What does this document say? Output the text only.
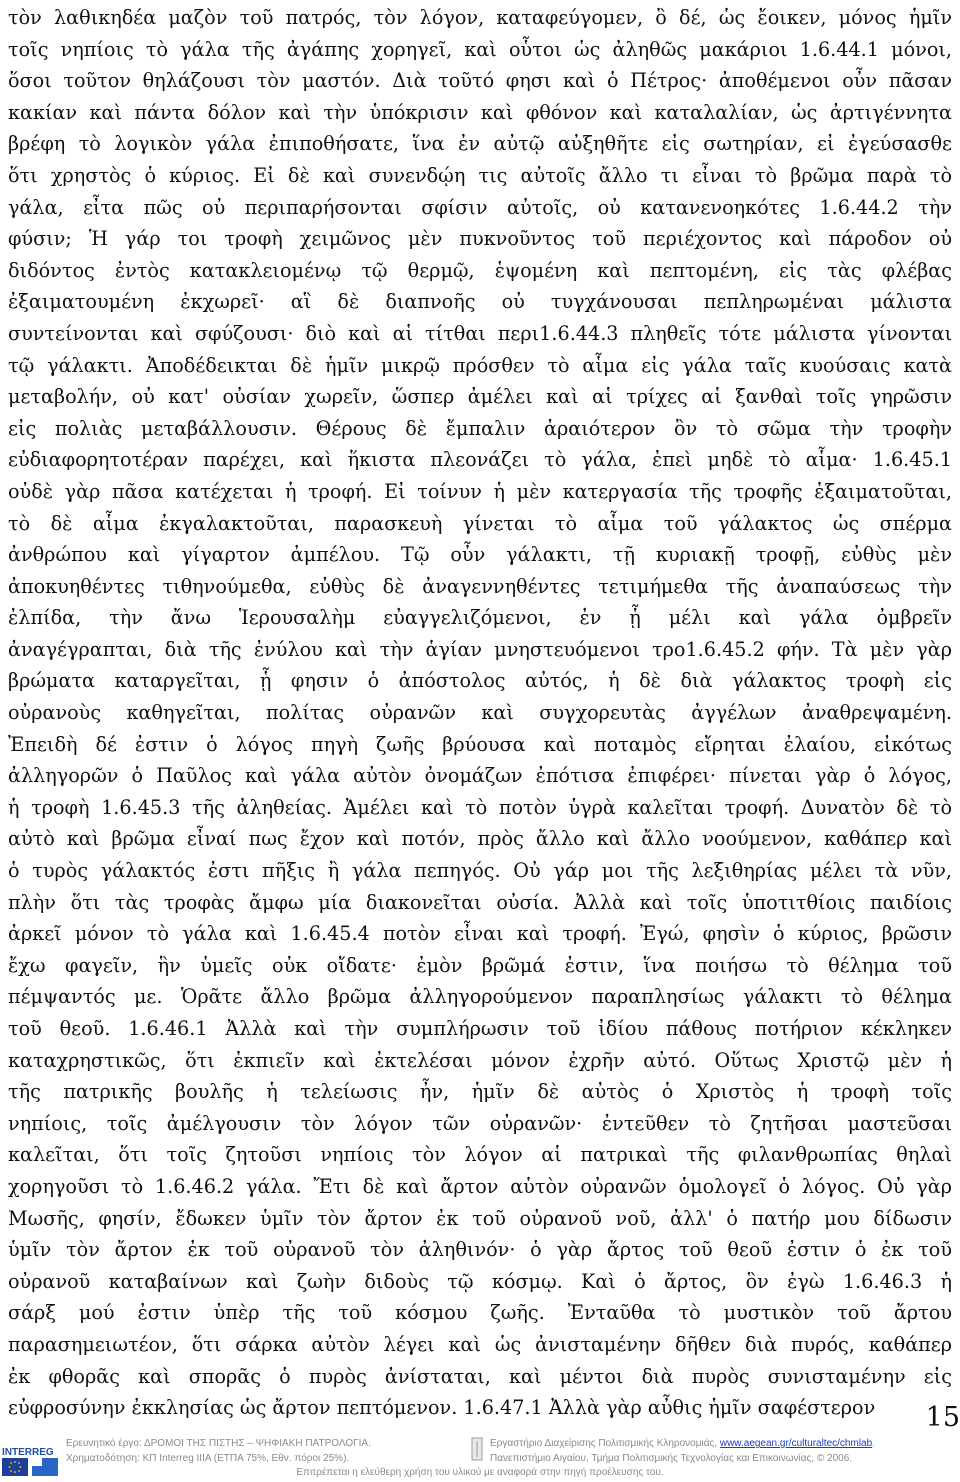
τὸν λαθικηδέα μαζὸν τοῦ πατρός, τὸν λόγον, καταφεύγομεν, ὃ δέ, ὡς ἔοικεν, μόνος ἡμῖν
τοῖς νηπίοις τὸ γάλα τῆς ἀγάπης χορηγεῖ, καὶ οὗτοι ὡς ἀληθῶς μακάριοι 1.6.44.1 μόνοι,
ὅσοι τοῦτον θηλάζουσι τὸν μαστόν. Διὰ τοῦτό φησι καὶ ὁ Πέτρος· ἀποθέμενοι οὖν πᾶσαν
κακίαν καὶ πάντα δόλον καὶ τὴν ὑπόκρισιν καὶ φθόνον καὶ καταλαλίαν, ὡς ἀρτιγέννητα
βρέφη τὸ λογικὸν γάλα ἐπιποθήσατε, ἵνα ἐν αὐτῷ αὐξηθῆτε εἰς σωτηρίαν, εἰ ἐγεύσασθε
ὅτι χρηστὸς ὁ κύριος. Εἰ δὲ καὶ συνενδῴη τις αὐτοῖς ἄλλο τι εἶναι τὸ βρῶμα παρὰ τὸ
γάλα, εἶτα πῶς οὐ περιπαρήσονται σφίσιν αὐτοῖς, οὐ κατανενοηκότες 1.6.44.2 τὴν
φύσιν; Ἡ γάρ τοι τροφὴ χειμῶνος μὲν πυκνοῦντος τοῦ περιέχοντος καὶ πάροδον οὐ
διδόντος ἐντὸς κατακλειομένῳ τῷ θερμῷ, ἑψομένη καὶ πεπτομένη, εἰς τὰς φλέβας
ἐξαιματουμένη ἐκχωρεῖ· αἳ δὲ διαπνοῆς οὐ τυγχάνουσαι πεπληρωμέναι μάλιστα
συντείνονται καὶ σφύζουσι· διὸ καὶ αἱ τίτθαι περι1.6.44.3 πληθεῖς τότε μάλιστα γίνονται
τῷ γάλακτι. Ἀποδέδεικται δὲ ἡμῖν μικρῷ πρόσθεν τὸ αἷμα εἰς γάλα ταῖς κυούσαις κατὰ
μεταβολήν, οὐ κατ' οὐσίαν χωρεῖν, ὥσπερ ἀμέλει καὶ αἱ τρίχες αἱ ξανθαὶ τοῖς γηρῶσιν
εἰς πολιὰς μεταβάλλουσιν. Θέρους δὲ ἔμπαλιν ἀραιότερον ὂν τὸ σῶμα τὴν τροφὴν
εὐδιαφορητοτέραν παρέχει, καὶ ἥκιστα πλεονάζει τὸ γάλα, ἐπεὶ μηδὲ τὸ αἷμα· 1.6.45.1
οὐδὲ γὰρ πᾶσα κατέχεται ἡ τροφή. Εἰ τοίνυν ἡ μὲν κατεργασία τῆς τροφῆς ἐξαιματοῦται,
τὸ δὲ αἷμα ἐκγαλακτοῦται, παρασκευὴ γίνεται τὸ αἷμα τοῦ γάλακτος ὡς σπέρμα
ἀνθρώπου καὶ γίγαρτον ἀμπέλου. Τῷ οὖν γάλακτι, τῇ κυριακῇ τροφῇ, εὐθὺς μὲν
ἀποκυηθέντες τιθηνούμεθα, εὐθὺς δὲ ἀναγεννηθέντες τετιμήμεθα τῆς ἀναπαύσεως τὴν
ἐλπίδα, τὴν ἄνω Ἱερουσαλὴμ εὐαγγελιζόμενοι, ἐν ᾗ μέλι καὶ γάλα ὀμβρεῖν
ἀναγέγραπται, διὰ τῆς ἐνύλου καὶ τὴν ἁγίαν μνηστευόμενοι τρο1.6.45.2 φήν. Τὰ μὲν γὰρ
βρώματα καταργεῖται, ᾗ φησιν ὁ ἀπόστολος αὐτός, ἡ δὲ διὰ γάλακτος τροφὴ εἰς
οὐρανοὺς καθηγεῖται, πολίτας οὐρανῶν καὶ συγχορευτὰς ἀγγέλων ἀναθρεψαμένη.
Ἐπειδὴ δέ ἐστιν ὁ λόγος πηγὴ ζωῆς βρύουσα καὶ ποταμὸς εἴρηται ἐλαίου, εἰκότως
ἀλληγορῶν ὁ Παῦλος καὶ γάλα αὐτὸν ὀνομάζων ἐπότισα ἐπιφέρει· πίνεται γὰρ ὁ λόγος,
ἡ τροφὴ 1.6.45.3 τῆς ἀληθείας. Ἀμέλει καὶ τὸ ποτὸν ὑγρὰ καλεῖται τροφή. Δυνατὸν δὲ τὸ
αὐτὸ καὶ βρῶμα εἶναί πως ἔχον καὶ ποτόν, πρὸς ἄλλο καὶ ἄλλο νοούμενον, καθάπερ καὶ
ὁ τυρὸς γάλακτός ἐστι πῆξις ἢ γάλα πεπηγός. Οὐ γάρ μοι τῆς λεξιθηρίας μέλει τὰ νῦν,
πλὴν ὅτι τὰς τροφὰς ἄμφω μία διακονεῖται οὐσία. Ἀλλὰ καὶ τοῖς ὑποτιτθίοις παιδίοις
ἀρκεῖ μόνον τὸ γάλα καὶ 1.6.45.4 ποτὸν εἶναι καὶ τροφή. Ἐγώ, φησὶν ὁ κύριος, βρῶσιν
ἔχω φαγεῖν, ἣν ὑμεῖς οὐκ οἴδατε· ἐμὸν βρῶμά ἐστιν, ἵνα ποιήσω τὸ θέλημα τοῦ
πέμψαντός με. Ὁρᾶτε ἄλλο βρῶμα ἀλληγορούμενον παραπλησίως γάλακτι τὸ θέλημα
τοῦ θεοῦ. 1.6.46.1 Ἀλλὰ καὶ τὴν συμπλήρωσιν τοῦ ἰδίου πάθους ποτήριον κέκληκεν
καταχρηστικῶς, ὅτι ἐκπιεῖν καὶ ἐκτελέσαι μόνον ἐχρῆν αὐτό. Οὕτως Χριστῷ μὲν ἡ
τῆς πατρικῆς βουλῆς ἡ τελείωσις ἦν, ἡμῖν δὲ αὐτὸς ὁ Χριστὸς ἡ τροφὴ τοῖς
νηπίοις, τοῖς ἀμέλγουσιν τὸν λόγον τῶν οὐρανῶν· ἐντεῦθεν τὸ ζητῆσαι μαστεῦσαι
καλεῖται, ὅτι τοῖς ζητοῦσι νηπίοις τὸν λόγον αἱ πατρικαὶ τῆς φιλανθρωπίας θηλαὶ
χορηγοῦσι τὸ 1.6.46.2 γάλα. Ἔτι δὲ καὶ ἄρτον αὑτὸν οὐρανῶν ὁμολογεῖ ὁ λόγος. Οὐ γὰρ
Μωσῆς, φησίν, ἔδωκεν ὑμῖν τὸν ἄρτον ἐκ τοῦ οὐρανοῦ νοῦ, ἀλλ' ὁ πατήρ μου δίδωσιν
ὑμῖν τὸν ἄρτον ἐκ τοῦ οὐρανοῦ τὸν ἀληθινόν· ὁ γὰρ ἄρτος τοῦ θεοῦ ἐστιν ὁ ἐκ τοῦ
οὐρανοῦ καταβαίνων καὶ ζωὴν διδοὺς τῷ κόσμῳ. Καὶ ὁ ἄρτος, ὃν ἐγὼ 1.6.46.3 ἡ
σάρξ μού ἐστιν ὑπὲρ τῆς τοῦ κόσμου ζωῆς. Ἐνταῦθα τὸ μυστικὸν τοῦ ἄρτου
παρασημειωτέον, ὅτι σάρκα αὐτὸν λέγει καὶ ὡς ἀνισταμένην δῆθεν διὰ πυρός, καθάπερ
ἐκ φθορᾶς καὶ σπορᾶς ὁ πυρὸς ἀνίσταται, καὶ μέντοι διὰ πυρὸς συνισταμένην εἰς
εὐφροσύνην ἐκκλησίας ὡς ἄρτον πεπτόμενον. 1.6.47.1 Ἀλλὰ γὰρ αὖθις ἡμῖν σαφέστερον	15
INTERREG
Ερευνητικό έργο: ΔΡΟΜΟΙ ΤΗΣ ΠΙΣΤΗΣ – ΨΗΦΙΑΚΗ ΠΑΤΡΟΛΟΓΙΑ.
Χρηματοδότηση: ΚΠ Interreg IIIA (ΕΤΠΑ 75%, Εθν. πόροι 25%).
Εργαστήριο Διαχείρισης Πολιτισμικής Κληρονομιάς, www.aegean.gr/culturaltec/chmlab.
Πανεπιστήμιο Αιγαίου, Τμήμα Πολιτισμικής Τεχνολογίας και Επικοινωνίας, © 2006.
Επιτρέπεται η ελεύθερη χρήση του υλικού με αναφορά στην πηγή προέλευσης του.
